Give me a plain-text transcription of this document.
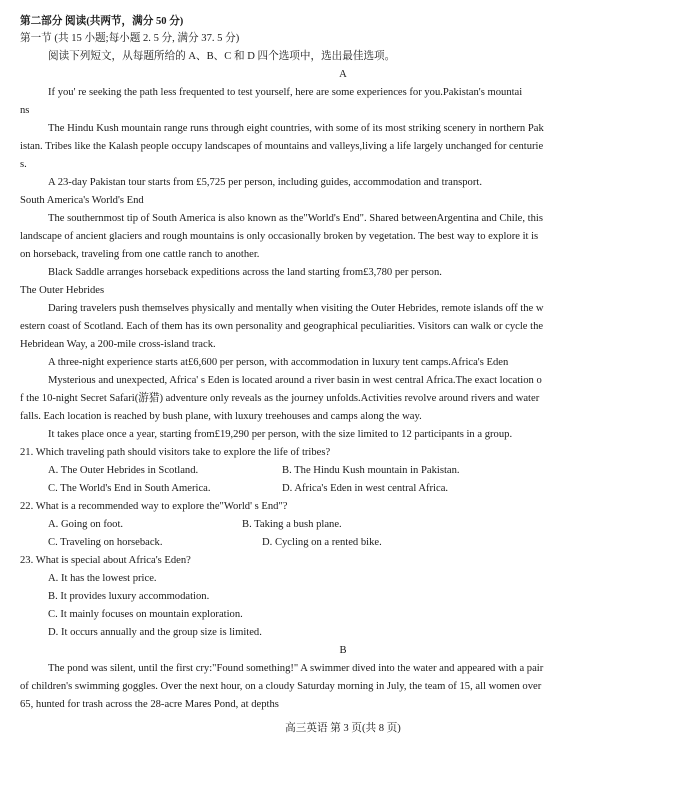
第二部分 阅读(共两节，满分 50 分)
第一节 (共 15 小题;每小题 2. 5 分, 满分 37. 5 分)
阅读下列短文，从每题所给的 A、B、C 和 D 四个选项中，选出最佳选项。
A
If you' re seeking the path less frequented to test yourself, here are some experiences for you.Pakistan's mountai
ns
The Hindu Kush mountain range runs through eight countries, with some of its most striking scenery in northern Pak
istan. Tribes like the Kalash people occupy landscapes of mountains and valleys,living a life largely unchanged for centurie
s.
A 23-day Pakistan tour starts from £5,725 per person, including guides, accommodation and transport.
South America's World's End
The southernmost tip of South America is also known as the"World's End". Shared betweenArgentina and Chile, this
landscape of ancient glaciers and rough mountains is only occasionally broken by vegetation. The best way to explore it is
on horseback, traveling from one cattle ranch to another.
Black Saddle arranges horseback expeditions across the land starting from£3,780 per person.
The Outer Hebrides
Daring travelers push themselves physically and mentally when visiting the Outer Hebrides, remote islands off the w
estern coast of Scotland. Each of them has its own personality and geographical peculiarities. Visitors can walk or cycle the
Hebridean Way, a 200-mile cross-island track.
A three-night experience starts at£6,600 per person, with accommodation in luxury tent camps.Africa's Eden
Mysterious and unexpected, Africa' s Eden is located around a river basin in west central Africa.The exact location o
f the 10-night Secret Safari(游猎) adventure only reveals as the journey unfolds.Activities revolve around rivers and water
falls. Each location is reached by bush plane, with luxury treehouses and camps along the way.
It takes place once a year, starting from£19,290 per person, with the size limited to 12 participants in a group.
21. Which traveling path should visitors take to explore the life of tribes?
A. The Outer Hebrides in Scotland.	B. The Hindu Kush mountain in Pakistan.
C. The World's End in South America.	D. Africa's Eden in west central Africa.
22. What is a recommended way to explore the"World' s End"?
A. Going on foot.	B. Taking a bush plane.
C. Traveling on horseback.	D. Cycling on a rented bike.
23. What is special about Africa's Eden?
A. It has the lowest price.
B. It provides luxury accommodation.
C. It mainly focuses on mountain exploration.
D. It occurs annually and the group size is limited.
B
The pond was silent, until the first cry:"Found something!" A swimmer dived into the water and appeared with a pair
of children's swimming goggles. Over the next hour, on a cloudy Saturday morning in July, the team of 15, all women over
65, hunted for trash across the 28-acre Mares Pond, at depths
高三英语 第 3 页(共 8 页)
